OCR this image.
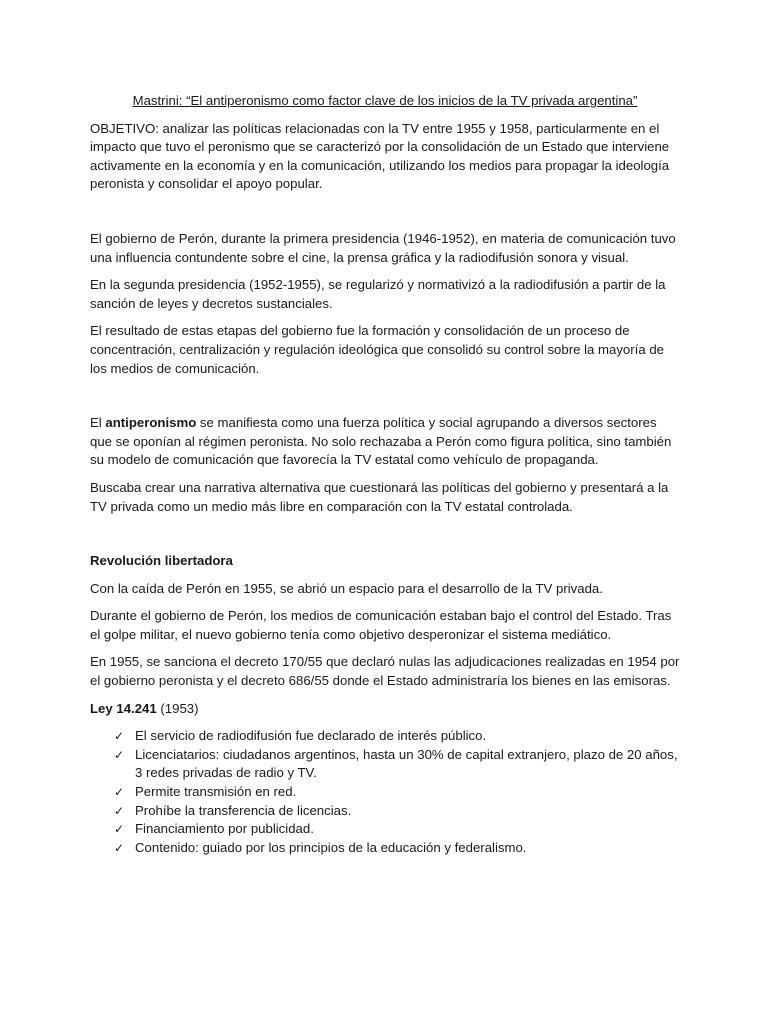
Mastrini: “El antiperonismo como factor clave de los inicios de la TV privada argentina”

OBJETIVO: analizar las políticas relacionadas con la TV entre 1955 y 1958, particularmente en el impacto que tuvo el peronismo que se caracterizó por la consolidación de un Estado que interviene activamente en la economía y en la comunicación, utilizando los medios para propagar la ideología peronista y consolidar el apoyo popular.

El gobierno de Perón, durante la primera presidencia (1946-1952), en materia de comunicación tuvo una influencia contundente sobre el cine, la prensa gráfica y la radiodifusión sonora y visual.

En la segunda presidencia (1952-1955), se regularizó y normativizó a la radiodifusión a partir de la sanción de leyes y decretos sustanciales.

El resultado de estas etapas del gobierno fue la formación y consolidación de un proceso de concentración, centralización y regulación ideológica que consolidó su control sobre la mayoría de los medios de comunicación.

El antiperonismo se manifiesta como una fuerza política y social agrupando a diversos sectores que se oponían al régimen peronista. No solo rechazaba a Perón como figura política, sino también su modelo de comunicación que favorecía la TV estatal como vehículo de propaganda.

Buscaba crear una narrativa alternativa que cuestionará las políticas del gobierno y presentará a la TV privada como un medio más libre en comparación con la TV estatal controlada.

Revolución libertadora

Con la caída de Perón en 1955, se abrió un espacio para el desarrollo de la TV privada.

Durante el gobierno de Perón, los medios de comunicación estaban bajo el control del Estado. Tras el golpe militar, el nuevo gobierno tenía como objetivo desperonizar el sistema mediático.

En 1955, se sanciona el decreto 170/55 que declaró nulas las adjudicaciones realizadas en 1954 por el gobierno peronista y el decreto 686/55 donde el Estado administraría los bienes en las emisoras.

Ley 14.241 (1953)

✓ El servicio de radiodifusión fue declarado de interés público.
✓ Licenciatarios: ciudadanos argentinos, hasta un 30% de capital extranjero, plazo de 20 años, 3 redes privadas de radio y TV.
✓ Permite transmisión en red.
✓ Prohíbe la transferencia de licencias.
✓ Financiamiento por publicidad.
✓ Contenido: guiado por los principios de la educación y federalismo.
